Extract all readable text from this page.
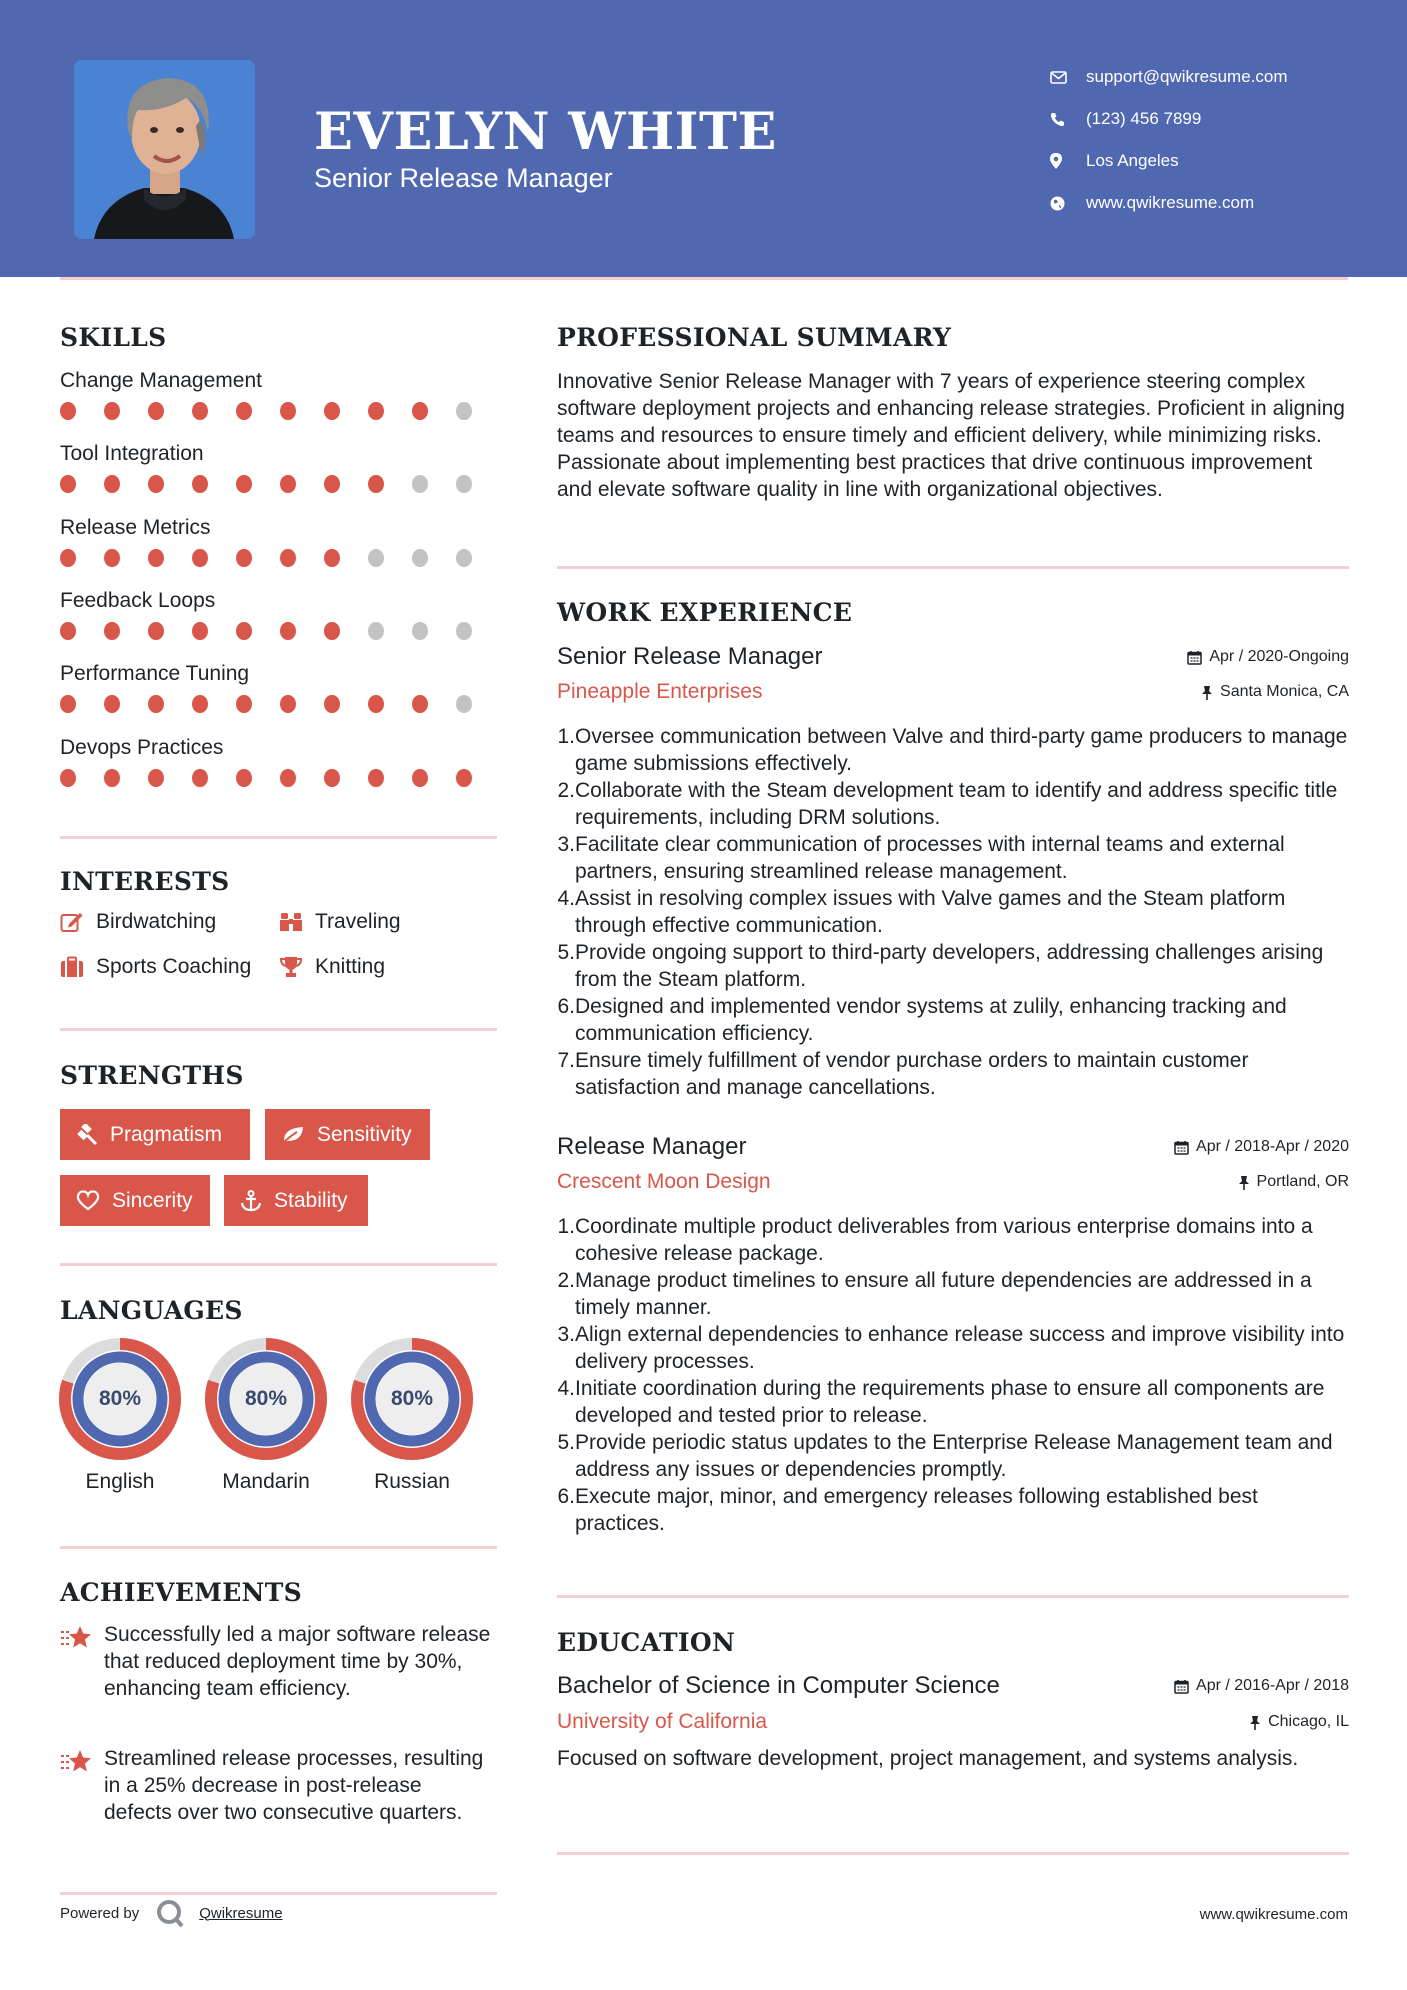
EVELYN WHITE
Senior Release Manager
support@qwikresume.com
(123) 456 7899
Los Angeles
www.qwikresume.com
SKILLS
Change Management
Tool Integration
Release Metrics
Feedback Loops
Performance Tuning
Devops Practices
INTERESTS
Birdwatching	Traveling
Sports Coaching	Knitting
STRENGTHS
Pragmatism	Sensitivity
Sincerity	Stability
LANGUAGES
80%
English
80%
Mandarin
80%
Russian
ACHIEVEMENTS
Successfully led a major software release that reduced deployment time by 30%, enhancing team efficiency.
Streamlined release processes, resulting in a 25% decrease in post-release defects over two consecutive quarters.
Powered by	Qwikresume	www.qwikresume.com
PROFESSIONAL SUMMARY
Innovative Senior Release Manager with 7 years of experience steering complex software deployment projects and enhancing release strategies. Proficient in aligning teams and resources to ensure timely and efficient delivery, while minimizing risks. Passionate about implementing best practices that drive continuous improvement and elevate software quality in line with organizational objectives.
WORK EXPERIENCE
Senior Release Manager	Apr / 2020-Ongoing
Pineapple Enterprises	Santa Monica, CA
1. Oversee communication between Valve and third-party game producers to manage game submissions effectively.
2. Collaborate with the Steam development team to identify and address specific title requirements, including DRM solutions.
3. Facilitate clear communication of processes with internal teams and external partners, ensuring streamlined release management.
4. Assist in resolving complex issues with Valve games and the Steam platform through effective communication.
5. Provide ongoing support to third-party developers, addressing challenges arising from the Steam platform.
6. Designed and implemented vendor systems at zulily, enhancing tracking and communication efficiency.
7. Ensure timely fulfillment of vendor purchase orders to maintain customer satisfaction and manage cancellations.
Release Manager	Apr / 2018-Apr / 2020
Crescent Moon Design	Portland, OR
1. Coordinate multiple product deliverables from various enterprise domains into a cohesive release package.
2. Manage product timelines to ensure all future dependencies are addressed in a timely manner.
3. Align external dependencies to enhance release success and improve visibility into delivery processes.
4. Initiate coordination during the requirements phase to ensure all components are developed and tested prior to release.
5. Provide periodic status updates to the Enterprise Release Management team and address any issues or dependencies promptly.
6. Execute major, minor, and emergency releases following established best practices.
EDUCATION
Bachelor of Science in Computer Science	Apr / 2016-Apr / 2018
University of California	Chicago, IL
Focused on software development, project management, and systems analysis.
